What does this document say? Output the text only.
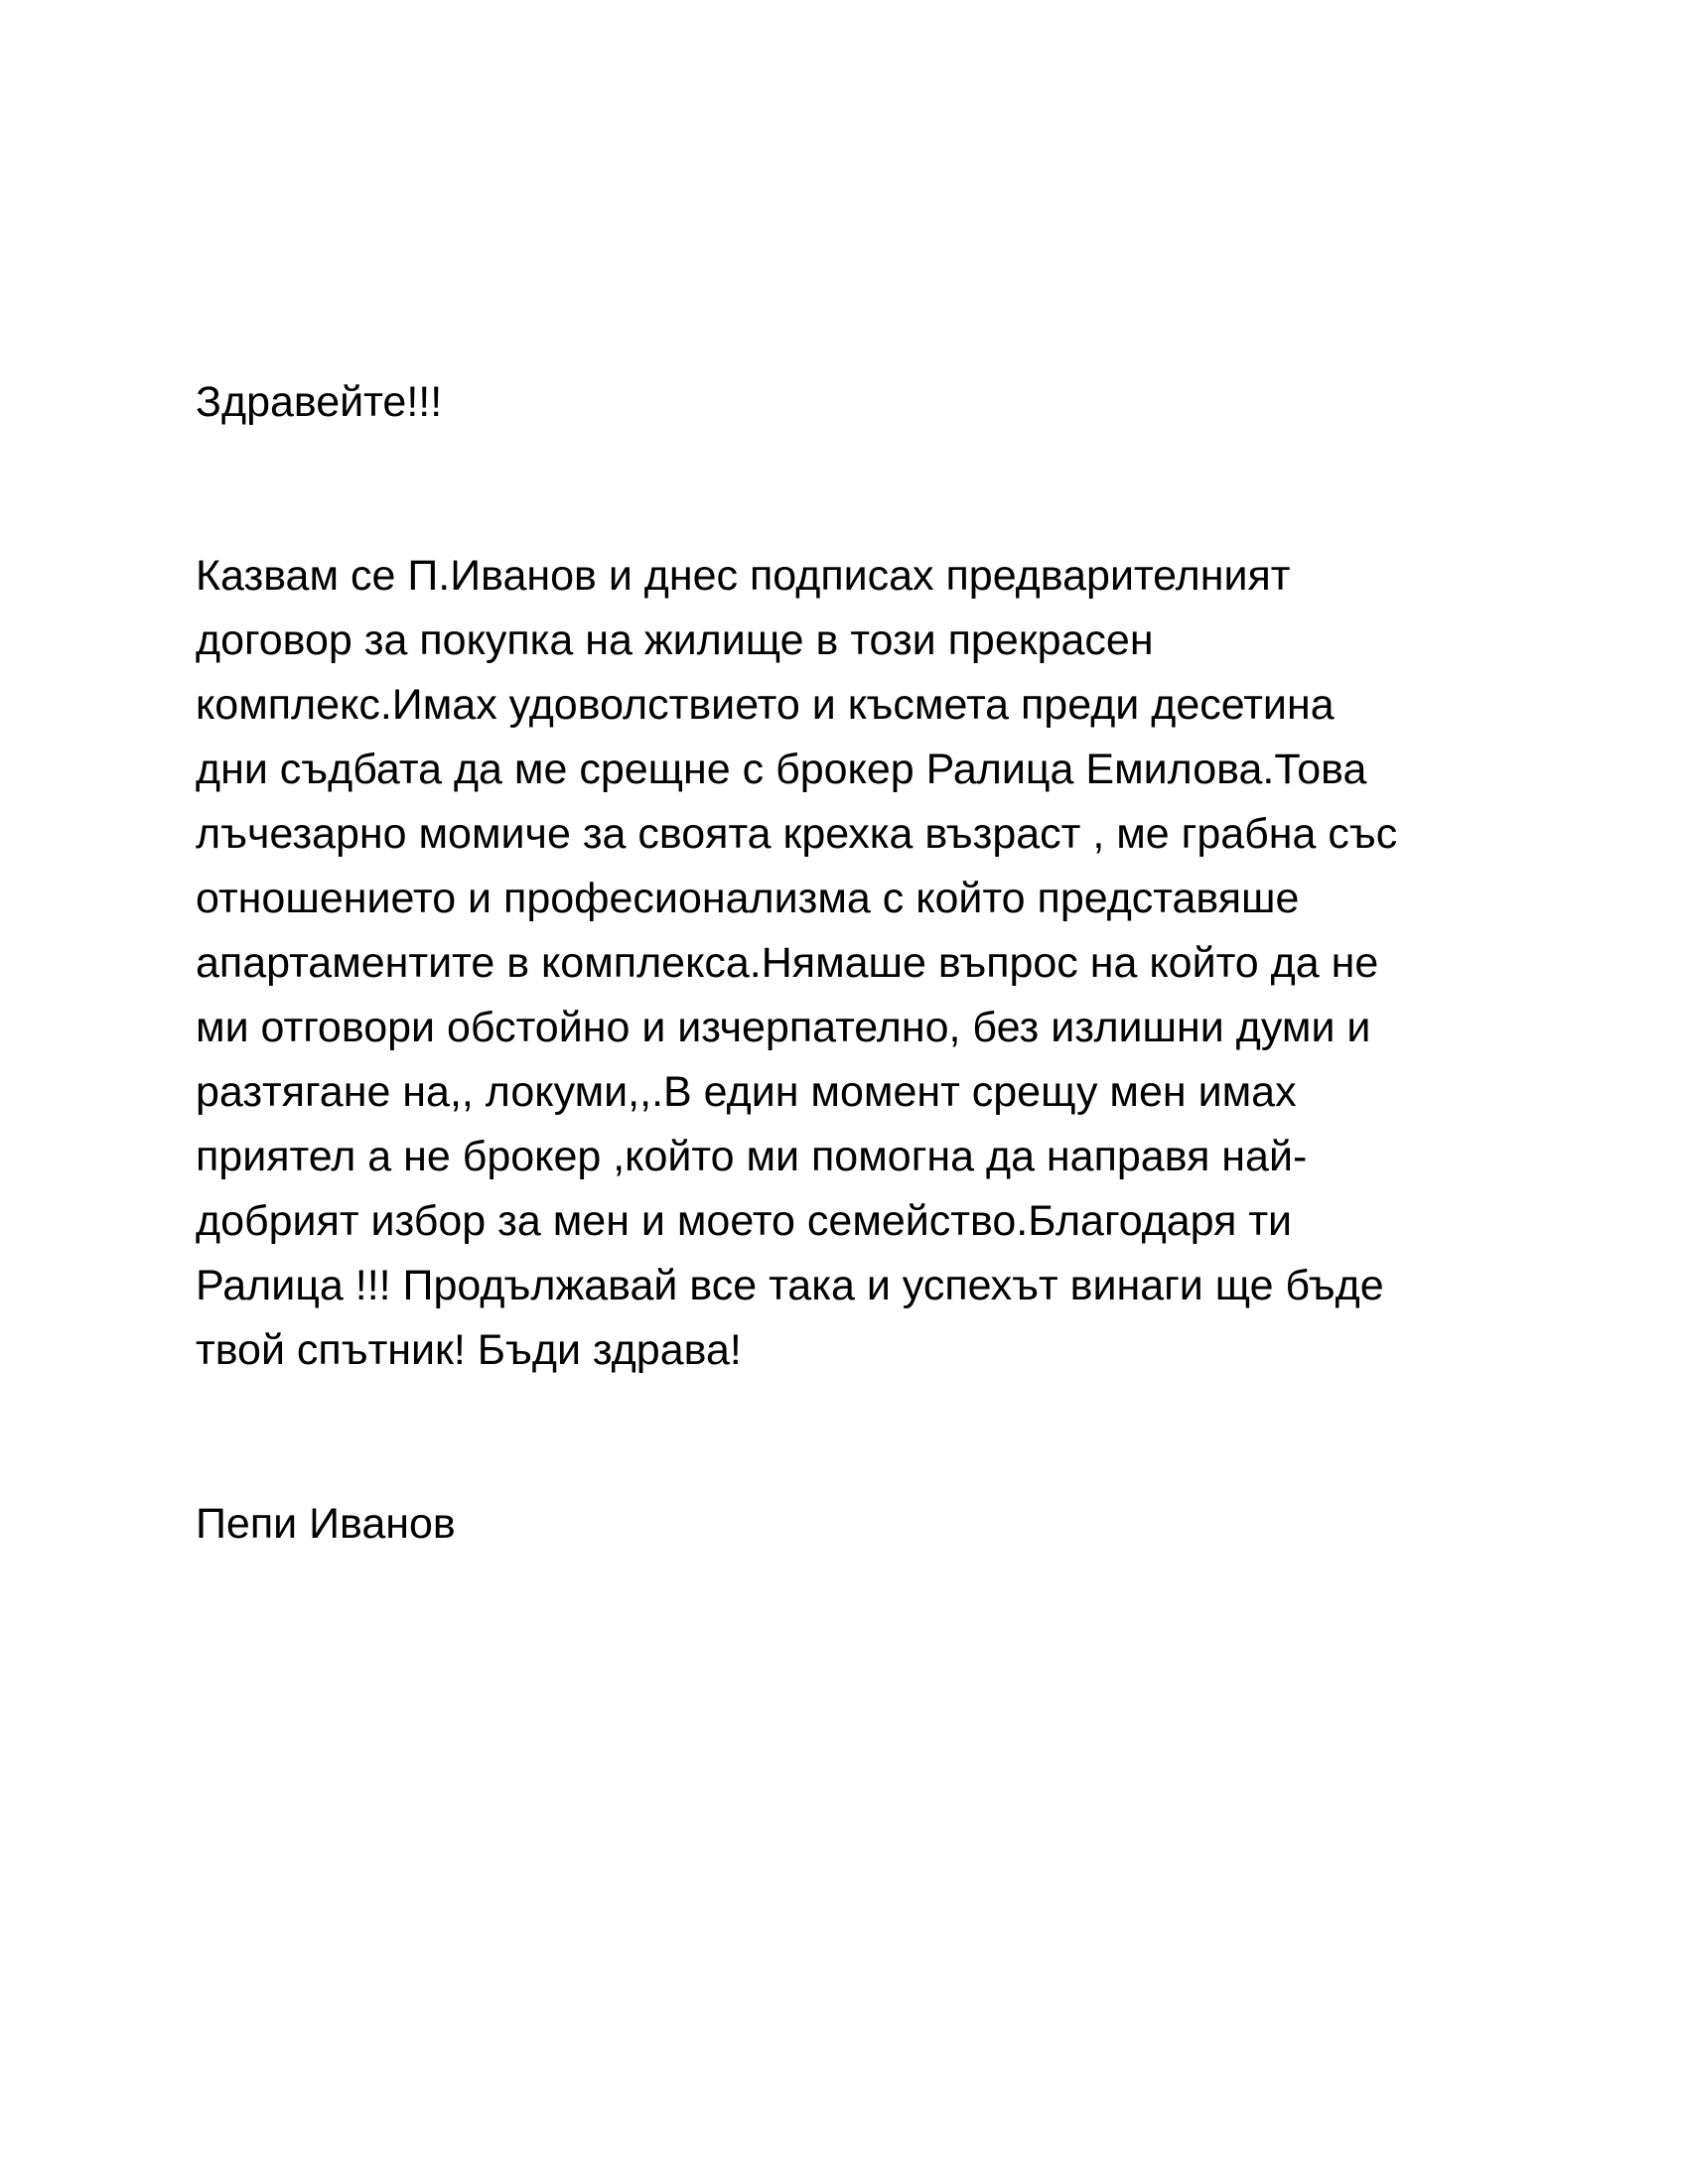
Здравейте!!!

Казвам се П.Иванов и днес подписах предварителният
договор за покупка на жилище в този прекрасен
комплекс.Имах удоволствието и късмета преди десетина
дни съдбата да ме срещне с брокер Ралица Емилова.Това
лъчезарно момиче за своята крехка възраст , ме грабна със
отношението и професионализма с който представяше
апартаментите в комплекса.Нямаше въпрос на който да не
ми отговори обстойно и изчерпателно, без излишни думи и
разтягане на,, локуми,,.В един момент срещу мен имах
приятел а не брокер ,който ми помогна да направя най-
добрият избор за мен и моето семейство.Благодаря ти
Ралица !!! Продължавай все така и успехът винаги ще бъде
твой спътник! Бъди здрава!

Пепи Иванов
